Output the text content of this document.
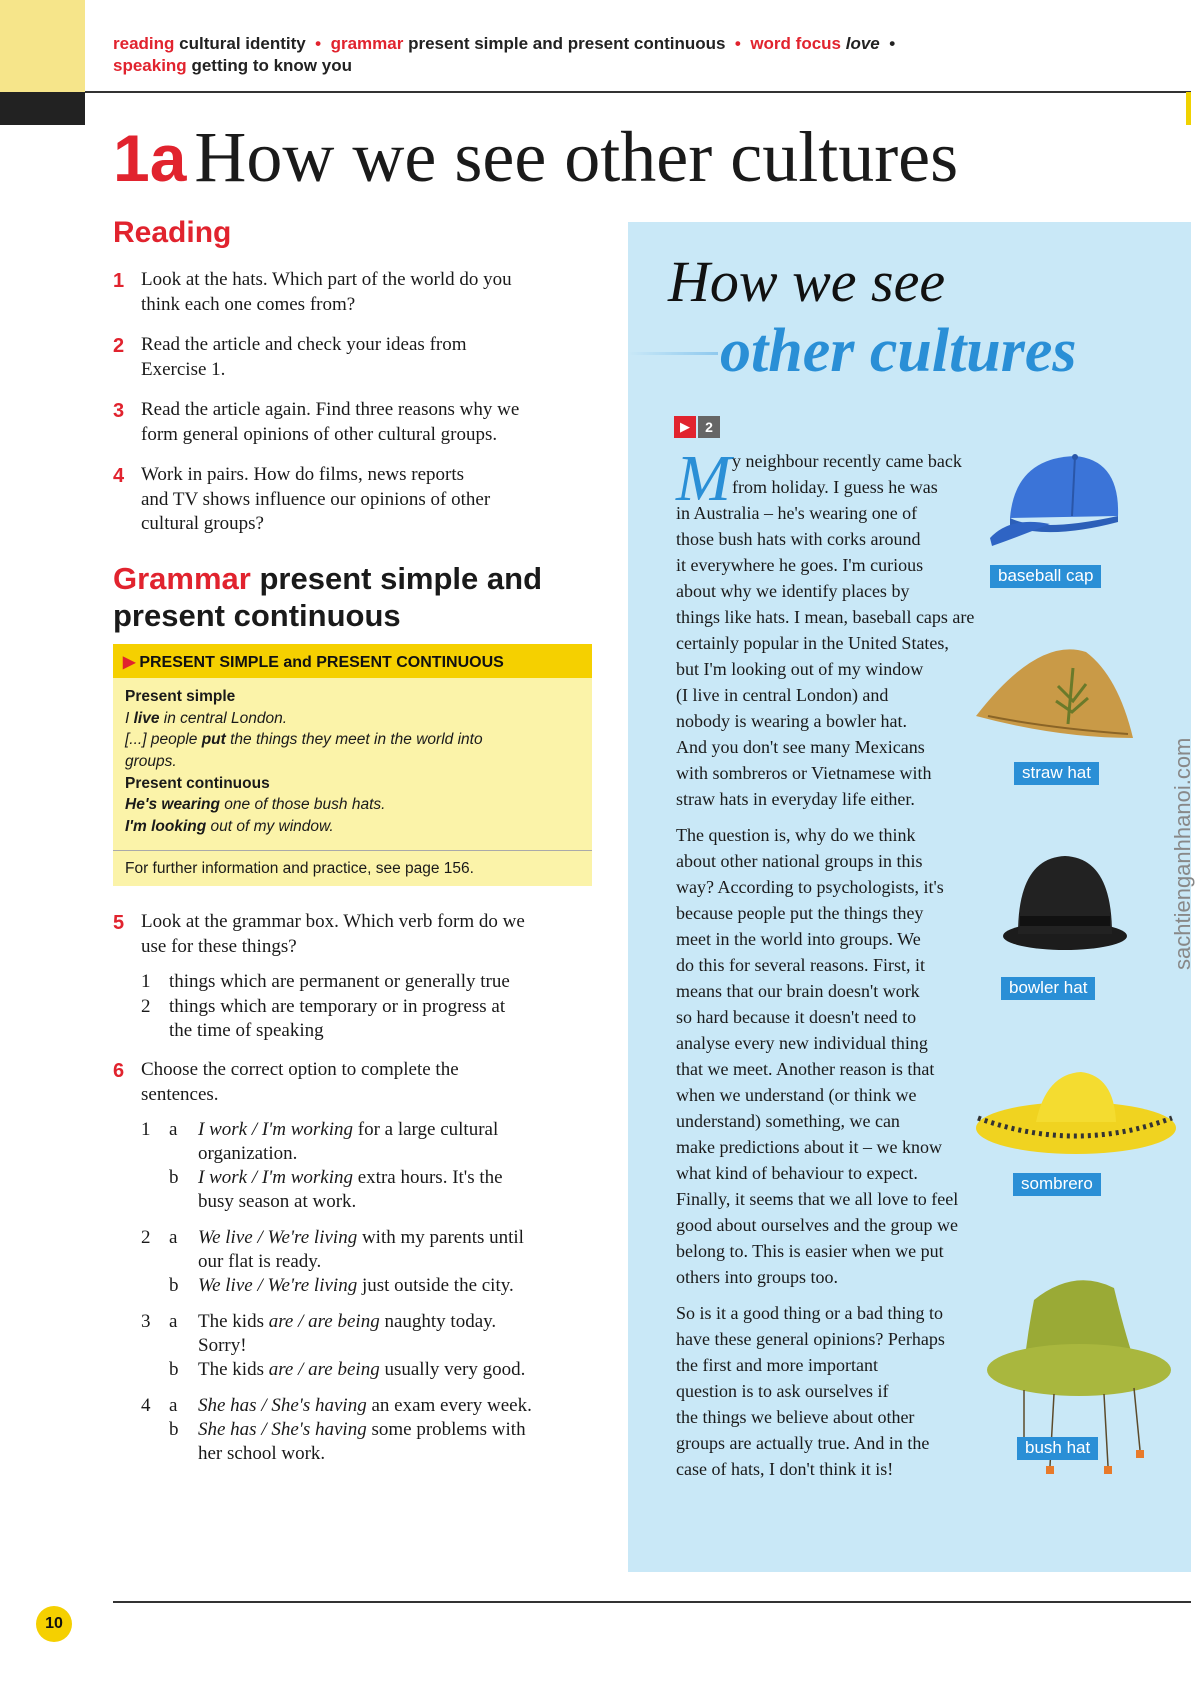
reading cultural identity • grammar present simple and present continuous • word focus love •
speaking getting to know you
1a How we see other cultures
Reading
1 Look at the hats. Which part of the world do you
think each one comes from?
2 Read the article and check your ideas from
Exercise 1.
3 Read the article again. Find three reasons why we
form general opinions of other cultural groups.
4 Work in pairs. How do films, news reports
and TV shows influence our opinions of other
cultural groups?
Grammar present simple and
present continuous
▶ PRESENT SIMPLE and PRESENT CONTINUOUS
Present simple
I live in central London.
[...] people put the things they meet in the world into
groups.
Present continuous
He's wearing one of those bush hats.
I'm looking out of my window.
For further information and practice, see page 156.
5 Look at the grammar box. Which verb form do we
use for these things?
1 things which are permanent or generally true
2 things which are temporary or in progress at
the time of speaking
6 Choose the correct option to complete the
sentences.
1 a I work / I'm working for a large cultural
organization.
b I work / I'm working extra hours. It's the
busy season at work.
2 a We live / We're living with my parents until
our flat is ready.
b We live / We're living just outside the city.
3 a The kids are / are being naughty today.
Sorry!
b The kids are / are being usually very good.
4 a She has / She's having an exam every week.
b She has / She's having some problems with
her school work.
How we see
other cultures
▶	2
M y neighbour recently came back
from holiday. I guess he was
in Australia – he's wearing one of
those bush hats with corks around
it everywhere he goes. I'm curious
about why we identify places by
things like hats. I mean, baseball caps are
certainly popular in the United States,
but I'm looking out of my window
(I live in central London) and
nobody is wearing a bowler hat.
And you don't see many Mexicans
with sombreros or Vietnamese with
straw hats in everyday life either.
The question is, why do we think
about other national groups in this
way? According to psychologists, it's
because people put the things they
meet in the world into groups. We
do this for several reasons. First, it
means that our brain doesn't work
so hard because it doesn't need to
analyse every new individual thing
that we meet. Another reason is that
when we understand (or think we
understand) something, we can
make predictions about it – we know
what kind of behaviour to expect.
Finally, it seems that we all love to feel
good about ourselves and the group we
belong to. This is easier when we put
others into groups too.
So is it a good thing or a bad thing to
have these general opinions? Perhaps
the first and more important
question is to ask ourselves if
the things we believe about other
groups are actually true. And in the
case of hats, I don't think it is!
baseball cap
straw hat
bowler hat
sombrero
bush hat
sachtienganhhanoi.com
10
